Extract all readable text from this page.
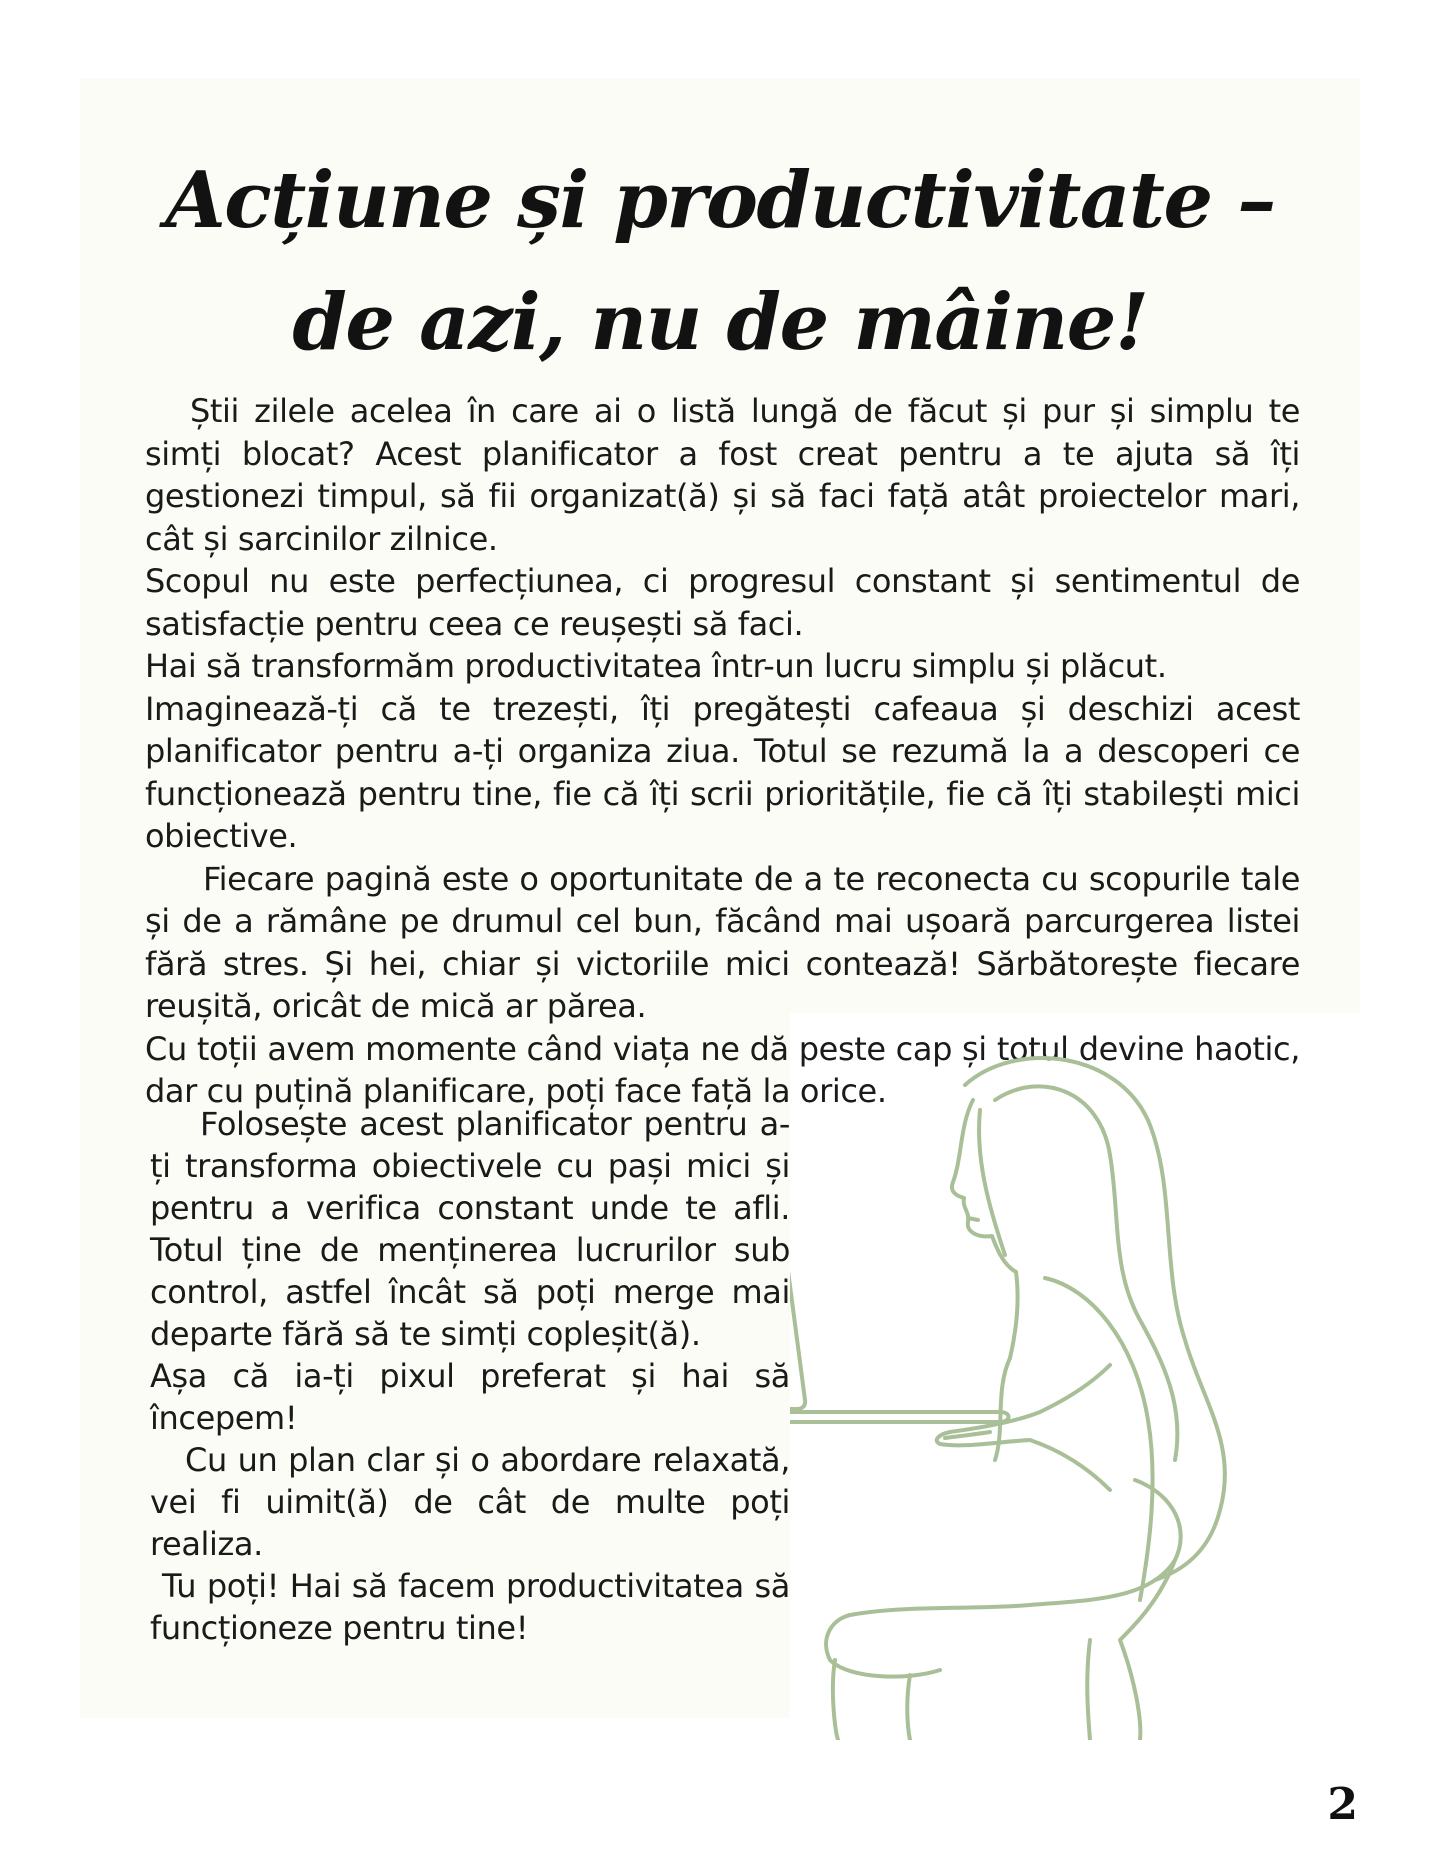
Acțiune și productivitate – de azi, nu de mâine!

Știi zilele acelea în care ai o listă lungă de făcut și pur și simplu te simți blocat? Acest planificator a fost creat pentru a te ajuta să îți gestionezi timpul, să fii organizat(ă) și să faci față atât proiectelor mari, cât și sarcinilor zilnice.

Scopul nu este perfecțiunea, ci progresul constant și sentimentul de satisfacție pentru ceea ce reușești să faci.

Hai să transformăm productivitatea într-un lucru simplu și plăcut.

Imaginează-ți că te trezești, îți pregătești cafeaua și deschizi acest planificator pentru a-ți organiza ziua. Totul se rezumă la a descoperi ce funcționează pentru tine, fie că îți scrii prioritățile, fie că îți stabilești mici obiective.

Fiecare pagină este o oportunitate de a te reconecta cu scopurile tale și de a rămâne pe drumul cel bun, făcând mai ușoară parcurgerea listei fără stres. Și hei, chiar și victoriile mici contează! Sărbătorește fiecare reușită, oricât de mică ar părea.

Cu toții avem momente când viața ne dă peste cap și totul devine haotic, dar cu puțină planificare, poți face față la orice.

Folosește acest planificator pentru a-ți transforma obiectivele cu pași mici și pentru a verifica constant unde te afli. Totul ține de menținerea lucrurilor sub control, astfel încât să poți merge mai departe fără să te simți copleșit(ă).

Așa că ia-ți pixul preferat și hai să începem!

Cu un plan clar și o abordare relaxată, vei fi uimit(ă) de cât de multe poți realiza.

Tu poți! Hai să facem productivitatea să funcționeze pentru tine!

2
